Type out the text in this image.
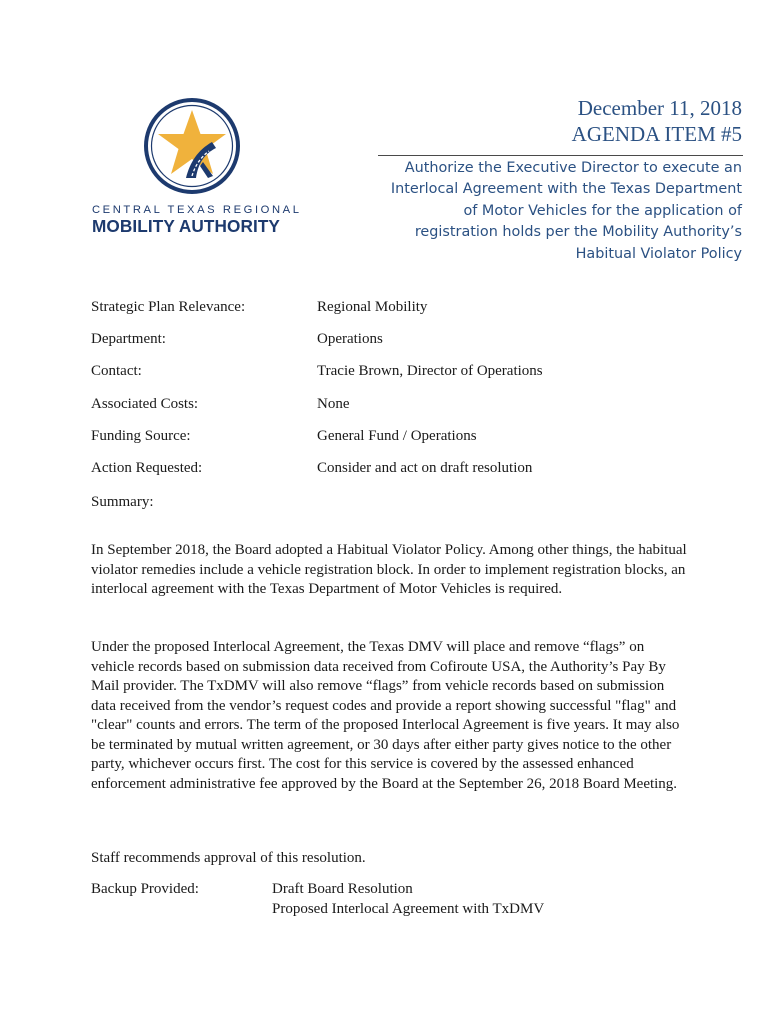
CENTRAL TEXAS REGIONAL
MOBILITY AUTHORITY
December 11, 2018
AGENDA ITEM #5
Authorize the Executive Director to execute an Interlocal Agreement with the Texas Department of Motor Vehicles for the application of registration holds per the Mobility Authority’s Habitual Violator Policy
Strategic Plan Relevance:	Regional Mobility
Department:	Operations
Contact:	Tracie Brown, Director of Operations
Associated Costs:	None
Funding Source:	General Fund / Operations
Action Requested:	Consider and act on draft resolution
Summary:

In September 2018, the Board adopted a Habitual Violator Policy. Among other things, the habitual violator remedies include a vehicle registration block. In order to implement registration blocks, an interlocal agreement with the Texas Department of Motor Vehicles is required.

Under the proposed Interlocal Agreement, the Texas DMV will place and remove “flags” on vehicle records based on submission data received from Cofiroute USA, the Authority’s Pay By Mail provider. The TxDMV will also remove “flags” from vehicle records based on submission data received from the vendor’s request codes and provide a report showing successful "flag" and "clear" counts and errors. The term of the proposed Interlocal Agreement is five years. It may also be terminated by mutual written agreement, or 30 days after either party gives notice to the other party, whichever occurs first. The cost for this service is covered by the assessed enhanced enforcement administrative fee approved by the Board at the September 26, 2018 Board Meeting.

Staff recommends approval of this resolution.

Backup Provided:	Draft Board Resolution
Proposed Interlocal Agreement with TxDMV
